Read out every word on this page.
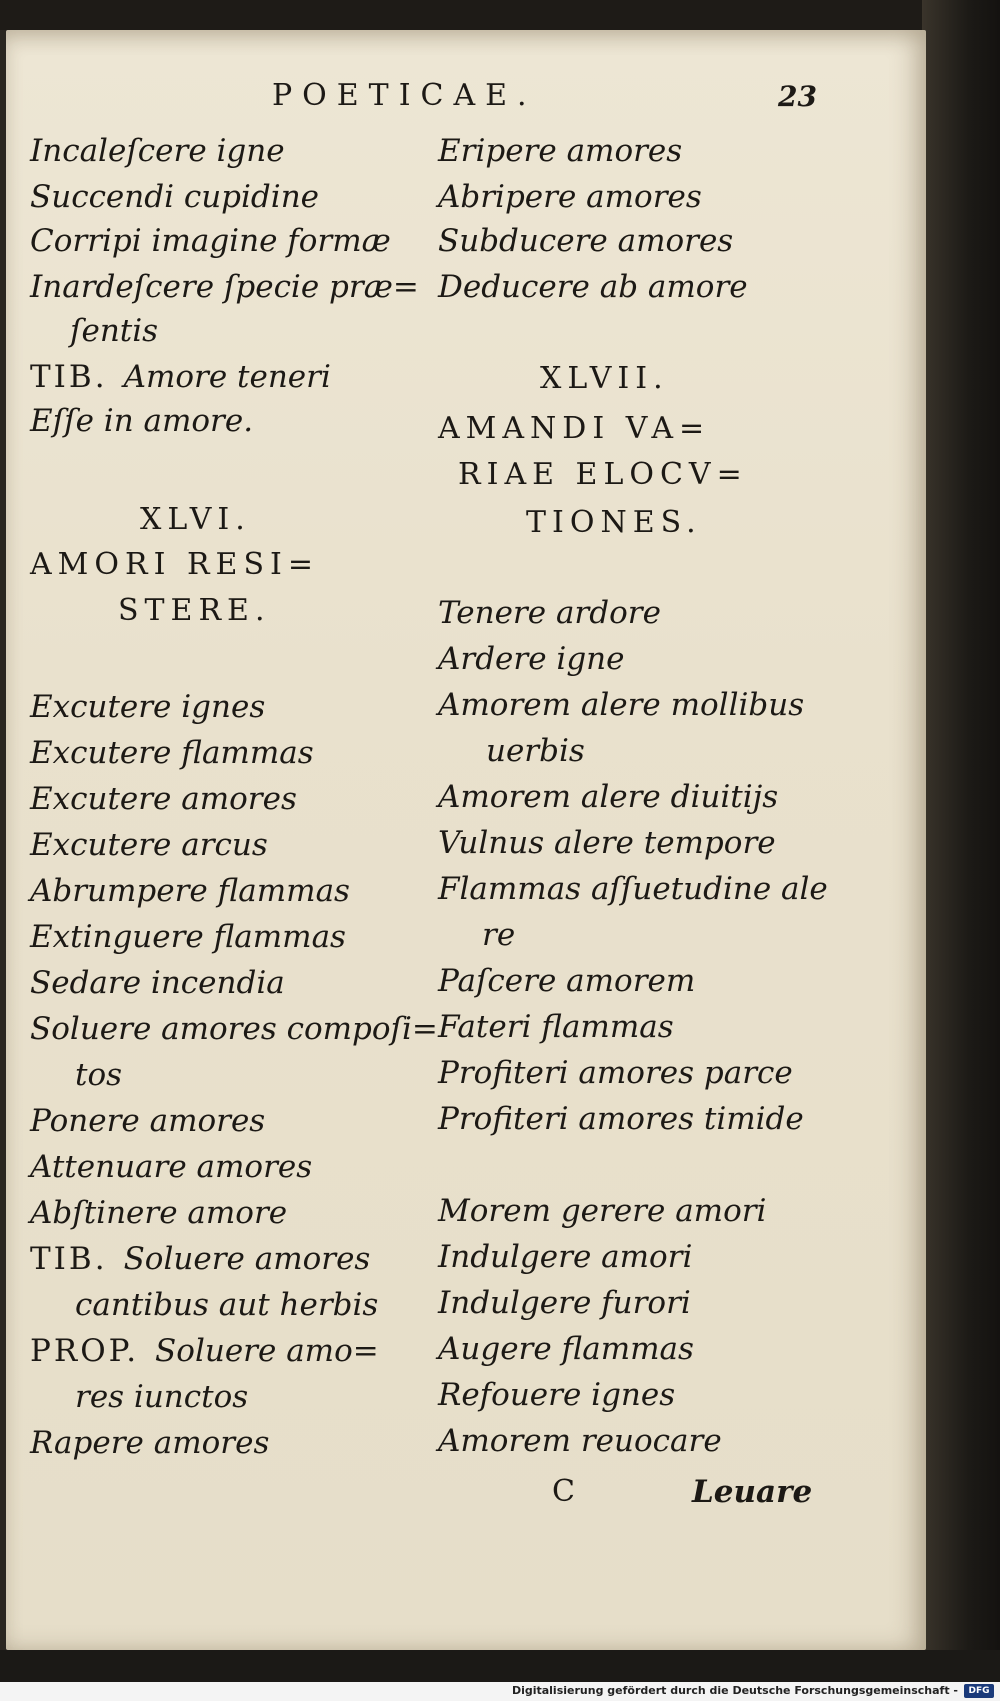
POETICAE.	23
Incaleſcere igne
Succendi cupidine
Corripi imagine formæ
Inardeſcere ſpecie præ=
ſentis
TIB. Amore teneri
Eſſe in amore.
XLVI.
AMORI RESI=
STERE.
Excutere ignes
Excutere flammas
Excutere amores
Excutere arcus
Abrumpere flammas
Extinguere flammas
Sedare incendia
Soluere amores compoſi=
tos
Ponere amores
Attenuare amores
Abſtinere amore
TIB. Soluere amores
cantibus aut herbis
PROP. Soluere amo=
res iunctos
Rapere amores
Eripere amores
Abripere amores
Subducere amores
Deducere ab amore
XLVII.
AMANDI VA=
RIAE ELOCV=
TIONES.
Tenere ardore
Ardere igne
Amorem alere mollibus
uerbis
Amorem alere diuitijs
Vulnus alere tempore
Flammas aſſuetudine ale
re
Paſcere amorem
Fateri flammas
Profiteri amores parce
Profiteri amores timide
Morem gerere amori
Indulgere amori
Indulgere furori
Augere flammas
Refouere ignes
Amorem reuocare
C	Leuare
Digitalisierung gefördert durch die Deutsche Forschungsgemeinschaft -	DFG
